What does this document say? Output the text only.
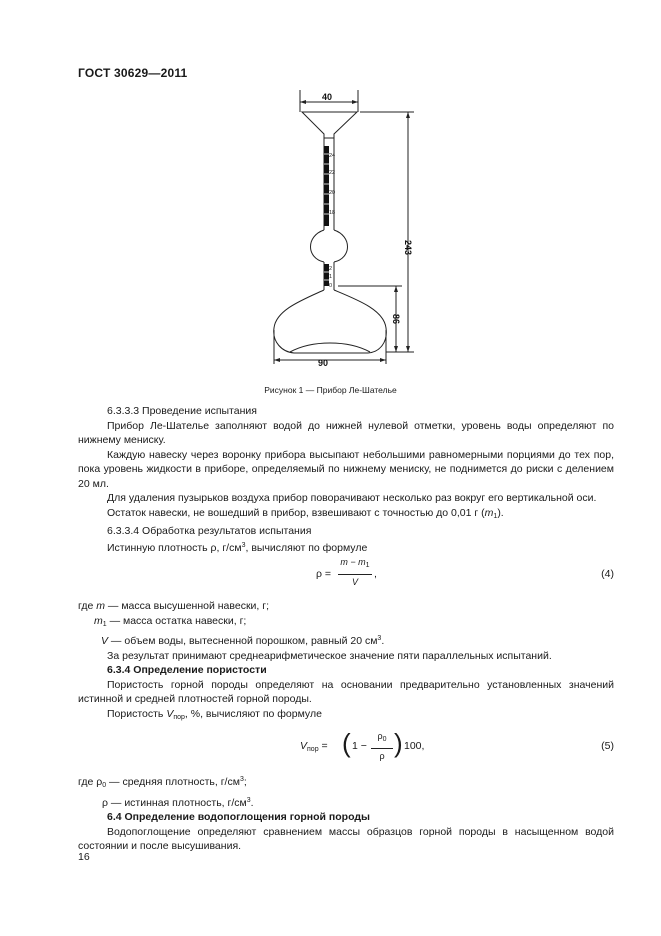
ГОСТ 30629—2011
24
22
20
18
2
1
0
40
90
243
86
Рисунок 1 — Прибор Ле-Шателье

6.3.3.3 Проведение испытания

Прибор Ле-Шателье заполняют водой до нижней нулевой отметки, уровень воды определяют по нижнему мениску.

Каждую навеску через воронку прибора высыпают небольшими равномерными порциями до тех пор, пока уровень жидкости в приборе, определяемый по нижнему мениску, не поднимется до риски с делением 20 мл.

Для удаления пузырьков воздуха прибор поворачивают несколько раз вокруг его вертикальной оси.

Остаток навески, не вошедший в прибор, взвешивают с точностью до 0,01 г $(m_1)$.

6.3.3.4 Обработка результатов испытания

Истинную плотность ρ, $г/см^3$, вычисляют по формуле

$\rho = \frac{m - m_1}{V}$ ,	(4)

где m — масса высушенной навески, г;

$m_1$ — масса остатка навески, г;

V — объем воды, вытесненной порошком, равный 20 $см^3$.

За результат принимают среднеарифметическое значение пяти параллельных испытаний.

6.3.4 Определение пористости

Пористость горной породы определяют на основании предварительно установленных значений истинной и средней плотностей горной породы.

Пористость $V_{пор}$, %, вычисляют по формуле

$V_{пор}$ = ( $1 - \frac{\rho_0}{\rho}$ ) 100,	(5)

где $\rho_0$ — средняя плотность, $г/см^3$;

ρ — истинная плотность, $г/см^3$.

6.4 Определение водопоглощения горной породы

Водопоглощение определяют сравнением массы образцов горной породы в насыщенном водой состоянии и после высушивания.

16
